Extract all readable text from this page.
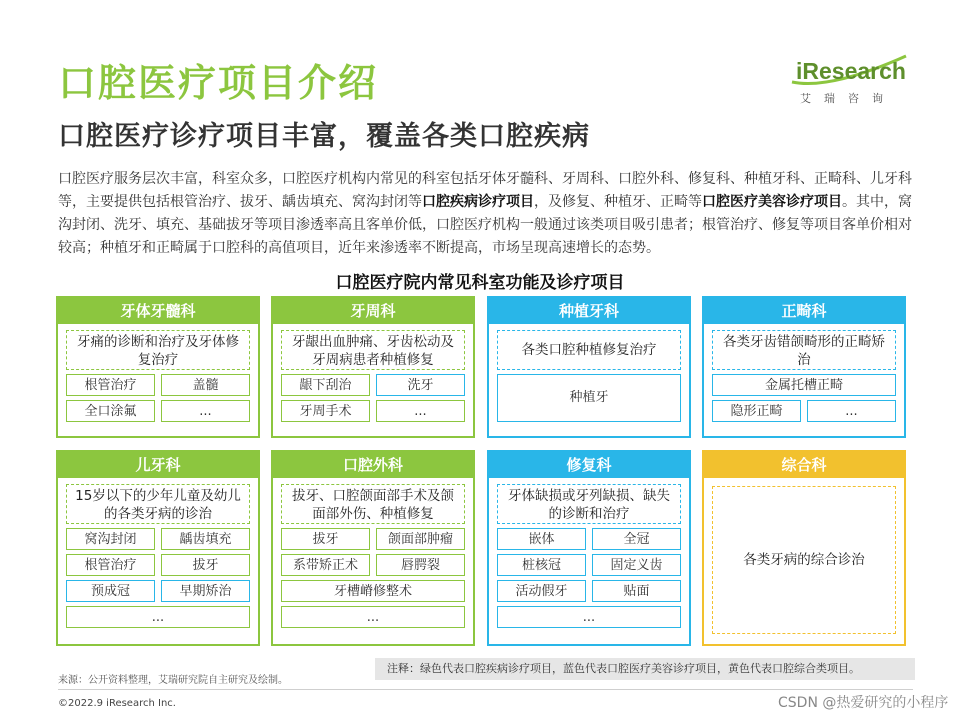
口腔医疗项目介绍
口腔医疗诊疗项目丰富，覆盖各类口腔疾病
iResearch
艾瑞咨询
口腔医疗服务层次丰富，科室众多，口腔医疗机构内常见的科室包括牙体牙髓科、牙周科、口腔外科、修复科、种植牙科、正畸科、儿牙科等，主要提供包括根管治疗、拔牙、龋齿填充、窝沟封闭等口腔疾病诊疗项目，及修复、种植牙、正畸等口腔医疗美容诊疗项目。其中，窝沟封闭、洗牙、填充、基础拔牙等项目渗透率高且客单价低，口腔医疗机构一般通过该类项目吸引患者；根管治疗、修复等项目客单价相对较高；种植牙和正畸属于口腔科的高值项目，近年来渗透率不断提高，市场呈现高速增长的态势。
口腔医疗院内常见科室功能及诊疗项目
牙体牙髓科
牙痛的诊断和治疗及牙体修复治疗
根管治疗	盖髓
全口涂氟	...
牙周科
牙龈出血肿痛、牙齿松动及牙周病患者种植修复
龈下刮治	洗牙
牙周手术	...
种植牙科
各类口腔种植修复治疗
种植牙
正畸科
各类牙齿错颌畸形的正畸矫治
金属托槽正畸
隐形正畸	...
儿牙科
15岁以下的少年儿童及幼儿的各类牙病的诊治
窝沟封闭	龋齿填充
根管治疗	拔牙
预成冠	早期矫治
...
口腔外科
拔牙、口腔颌面部手术及颌面部外伤、种植修复
拔牙	颌面部肿瘤
系带矫正术	唇腭裂
牙槽嵴修整术
...
修复科
牙体缺损或牙列缺损、缺失的诊断和治疗
嵌体	全冠
桩核冠	固定义齿
活动假牙	贴面
...
综合科
各类牙病的综合诊治
注释：绿色代表口腔疾病诊疗项目，蓝色代表口腔医疗美容诊疗项目，黄色代表口腔综合类项目。
来源：公开资料整理，艾瑞研究院自主研究及绘制。
©2022.9 iResearch Inc.	CSDN @热爱研究的小程序
